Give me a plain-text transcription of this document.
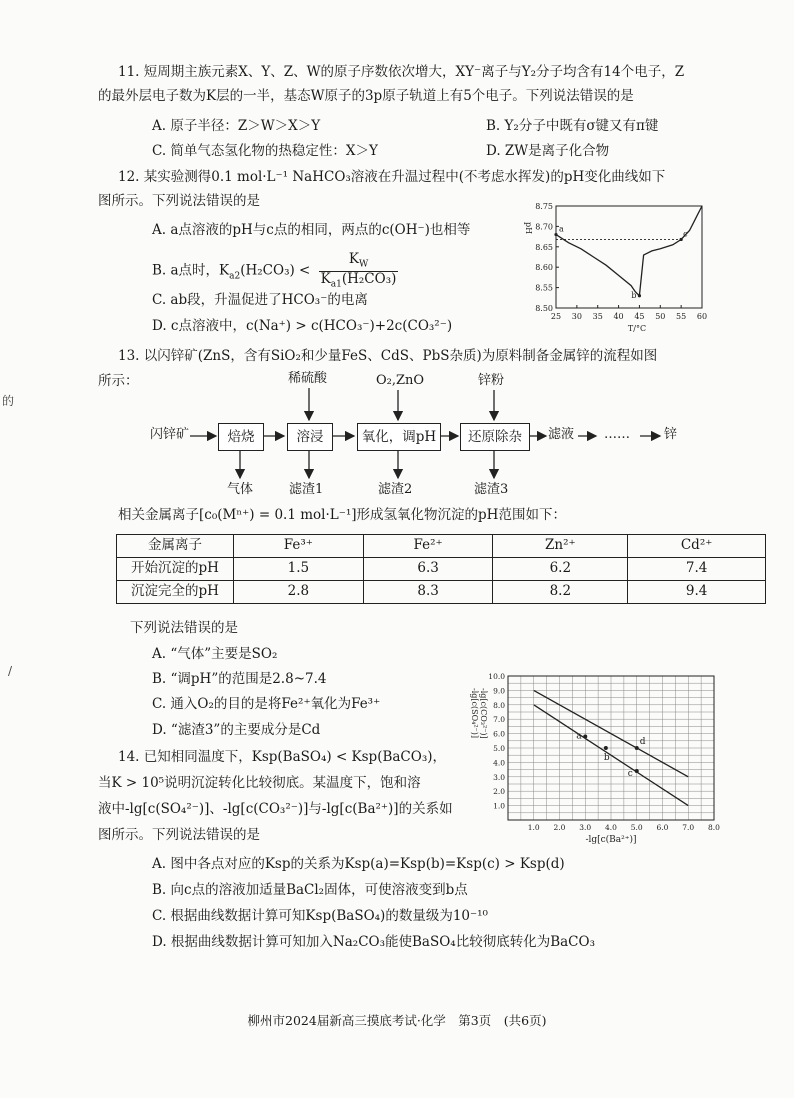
11. 短周期主族元素X、Y、Z、W的原子序数依次增大，XY⁻离子与Y₂分子均含有14个电子，Z
的最外层电子数为K层的一半，基态W原子的3p原子轨道上有5个电子。下列说法错误的是
A. 原子半径：Z＞W＞X＞Y	B. Y₂分子中既有σ键又有π键
C. 简单气态氢化物的热稳定性：X＞Y	D. ZW是离子化合物
12. 某实验测得0.1 mol·L⁻¹ NaHCO₃溶液在升温过程中(不考虑水挥发)的pH变化曲线如下
图所示。下列说法错误的是
A. a点溶液的pH与c点的相同，两点的c(OH⁻)也相等
B. a点时，$K_{a2}(H_2CO_3) < \frac{K_W}{K_{a1}(H_2CO_3)}$
C. ab段，升温促进了HCO₃⁻的电离
D. c点溶液中，c(Na⁺) > c(HCO₃⁻)+2c(CO₃²⁻)
25 30 35 40 45 50 55 60
8.50
8.55
8.60
8.65
8.70
8.75
pH
T/°C
a
b
c
13. 以闪锌矿(ZnS，含有SiO₂和少量FeS、CdS、PbS杂质)为原料制备金属锌的流程如图
所示：
闪锌矿	焙烧	溶浸	氧化，调pH	还原除杂	滤液 ……	锌
稀硫酸	O₂,ZnO	锌粉
气体	滤渣1	滤渣2	滤渣3
相关金属离子[c₀(Mⁿ⁺) = 0.1 mol·L⁻¹]形成氢氧化物沉淀的pH范围如下：
金属离子	Fe³⁺	Fe²⁺	Zn²⁺	Cd²⁺
开始沉淀的pH	1.5	6.3	6.2	7.4
沉淀完全的pH	2.8	8.3	8.2	9.4
下列说法错误的是
A. “气体”主要是SO₂
B. “调pH”的范围是2.8~7.4
C. 通入O₂的目的是将Fe²⁺氧化为Fe³⁺
D. “滤渣3”的主要成分是Cd
14. 已知相同温度下，Ksp(BaSO₄) < Ksp(BaCO₃)，
当K > 10⁵说明沉淀转化比较彻底。某温度下，饱和溶
液中-lg[c(SO₄²⁻)]、-lg[c(CO₃²⁻)]与-lg[c(Ba²⁺)]的关系如
图所示。下列说法错误的是	1.0 2.0 3.0 4.0 5.0 6.0 7.0 8.0
1.0
2.0
3.0
4.0
5.0
6.0
7.0
8.0
9.0
10.0
-lg[c(SO₄²⁻)] -lg[c(CO₃²⁻)]
-lg[c(Ba²⁺)]
a
b
c
d
A. 图中各点对应的Ksp的关系为Ksp(a)=Ksp(b)=Ksp(c) > Ksp(d)
B. 向c点的溶液加适量BaCl₂固体，可使溶液变到b点
C. 根据曲线数据计算可知Ksp(BaSO₄)的数量级为10⁻¹⁰
D. 根据曲线数据计算可知加入Na₂CO₃能使BaSO₄比较彻底转化为BaCO₃
柳州市2024届新高三摸底考试·化学　第3页　(共6页)
的
/
